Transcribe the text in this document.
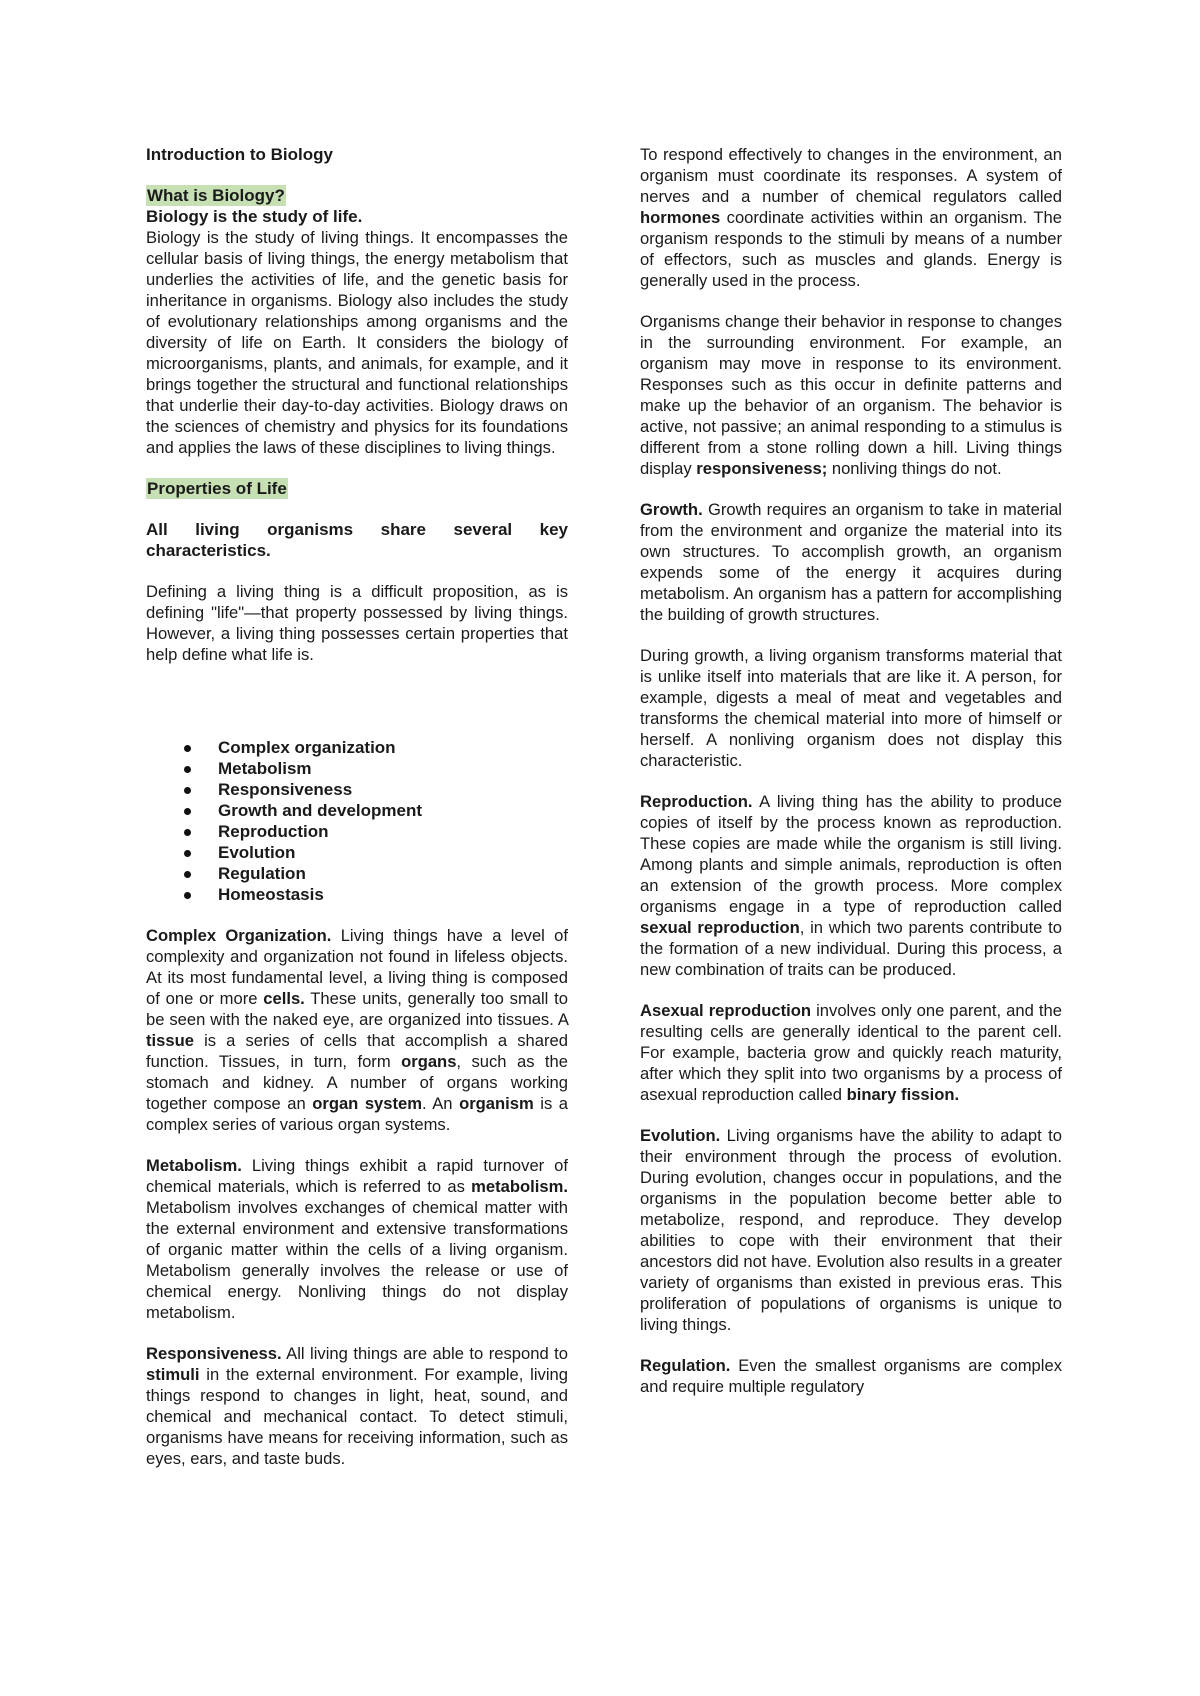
Introduction to Biology

What is Biology?

Biology is the study of life.

Biology is the study of living things. It encompasses the cellular basis of living things, the energy metabolism that underlies the activities of life, and the genetic basis for inheritance in organisms. Biology also includes the study of evolutionary relationships among organisms and the diversity of life on Earth. It considers the biology of microorganisms, plants, and animals, for example, and it brings together the structural and functional relationships that underlie their day-to-day activities. Biology draws on the sciences of chemistry and physics for its foundations and applies the laws of these disciplines to living things.

Properties of Life

All living organisms share several key characteristics.

Defining a living thing is a difficult proposition, as is defining "life"—that property possessed by living things. However, a living thing possesses certain properties that help define what life is.

Complex organization
Metabolism
Responsiveness
Growth and development
Reproduction
Evolution
Regulation
Homeostasis

Complex Organization. Living things have a level of complexity and organization not found in lifeless objects. At its most fundamental level, a living thing is composed of one or more cells. These units, generally too small to be seen with the naked eye, are organized into tissues. A tissue is a series of cells that accomplish a shared function. Tissues, in turn, form organs, such as the stomach and kidney. A number of organs working together compose an organ system. An organism is a complex series of various organ systems.

Metabolism. Living things exhibit a rapid turnover of chemical materials, which is referred to as metabolism. Metabolism involves exchanges of chemical matter with the external environment and extensive transformations of organic matter within the cells of a living organism. Metabolism generally involves the release or use of chemical energy. Nonliving things do not display metabolism.

Responsiveness. All living things are able to respond to stimuli in the external environment. For example, living things respond to changes in light, heat, sound, and chemical and mechanical contact. To detect stimuli, organisms have means for receiving information, such as eyes, ears, and taste buds.

To respond effectively to changes in the environment, an organism must coordinate its responses. A system of nerves and a number of chemical regulators called hormones coordinate activities within an organism. The organism responds to the stimuli by means of a number of effectors, such as muscles and glands. Energy is generally used in the process.

Organisms change their behavior in response to changes in the surrounding environment. For example, an organism may move in response to its environment. Responses such as this occur in definite patterns and make up the behavior of an organism. The behavior is active, not passive; an animal responding to a stimulus is different from a stone rolling down a hill. Living things display responsiveness; nonliving things do not.

Growth. Growth requires an organism to take in material from the environment and organize the material into its own structures. To accomplish growth, an organism expends some of the energy it acquires during metabolism. An organism has a pattern for accomplishing the building of growth structures.

During growth, a living organism transforms material that is unlike itself into materials that are like it. A person, for example, digests a meal of meat and vegetables and transforms the chemical material into more of himself or herself. A nonliving organism does not display this characteristic.

Reproduction. A living thing has the ability to produce copies of itself by the process known as reproduction. These copies are made while the organism is still living. Among plants and simple animals, reproduction is often an extension of the growth process. More complex organisms engage in a type of reproduction called sexual reproduction, in which two parents contribute to the formation of a new individual. During this process, a new combination of traits can be produced.

Asexual reproduction involves only one parent, and the resulting cells are generally identical to the parent cell. For example, bacteria grow and quickly reach maturity, after which they split into two organisms by a process of asexual reproduction called binary fission.

Evolution. Living organisms have the ability to adapt to their environment through the process of evolution. During evolution, changes occur in populations, and the organisms in the population become better able to metabolize, respond, and reproduce. They develop abilities to cope with their environment that their ancestors did not have. Evolution also results in a greater variety of organisms than existed in previous eras. This proliferation of populations of organisms is unique to living things.

Regulation. Even the smallest organisms are complex and require multiple regulatory
